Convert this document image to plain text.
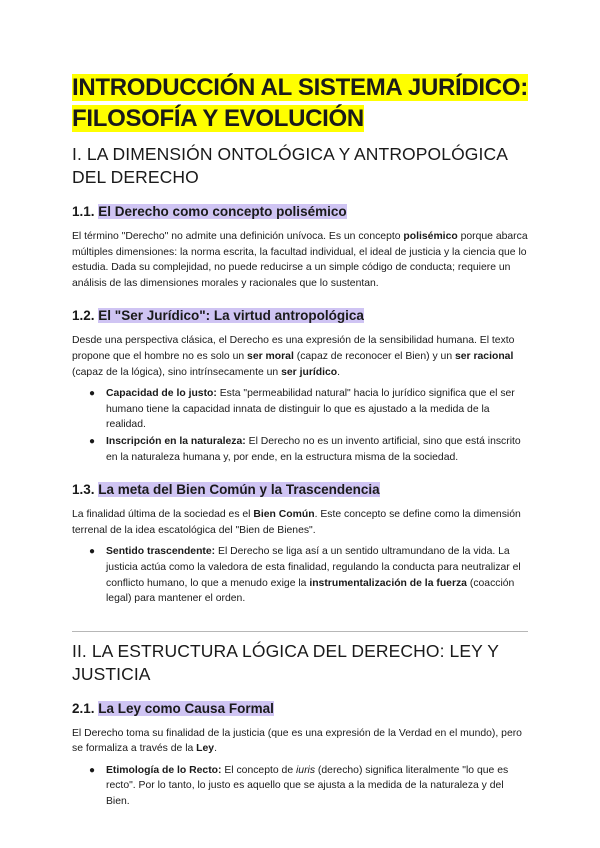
INTRODUCCIÓN AL SISTEMA JURÍDICO:
FILOSOFÍA Y EVOLUCIÓN
I. LA DIMENSIÓN ONTOLÓGICA Y ANTROPOLÓGICA DEL DERECHO
1.1. El Derecho como concepto polisémico

El término "Derecho" no admite una definición unívoca. Es un concepto polisémico porque abarca múltiples dimensiones: la norma escrita, la facultad individual, el ideal de justicia y la ciencia que lo estudia. Dada su complejidad, no puede reducirse a un simple código de conducta; requiere un análisis de las dimensiones morales y racionales que lo sustentan.

1.2. El "Ser Jurídico": La virtud antropológica

Desde una perspectiva clásica, el Derecho es una expresión de la sensibilidad humana. El texto propone que el hombre no es solo un ser moral (capaz de reconocer el Bien) y un ser racional (capaz de la lógica), sino intrínsecamente un ser jurídico.

● Capacidad de lo justo: Esta "permeabilidad natural" hacia lo jurídico significa que el ser humano tiene la capacidad innata de distinguir lo que es ajustado a la medida de la realidad.
● Inscripción en la naturaleza: El Derecho no es un invento artificial, sino que está inscrito en la naturaleza humana y, por ende, en la estructura misma de la sociedad.
1.3. La meta del Bien Común y la Trascendencia

La finalidad última de la sociedad es el Bien Común. Este concepto se define como la dimensión terrenal de la idea escatológica del "Bien de Bienes".

● Sentido trascendente: El Derecho se liga así a un sentido ultramundano de la vida. La justicia actúa como la valedora de esta finalidad, regulando la conducta para neutralizar el conflicto humano, lo que a menudo exige la instrumentalización de la fuerza (coacción legal) para mantener el orden.
II. LA ESTRUCTURA LÓGICA DEL DERECHO: LEY Y JUSTICIA
2.1. La Ley como Causa Formal

El Derecho toma su finalidad de la justicia (que es una expresión de la Verdad en el mundo), pero se formaliza a través de la Ley.

● Etimología de lo Recto: El concepto de iuris (derecho) significa literalmente "lo que es recto". Por lo tanto, lo justo es aquello que se ajusta a la medida de la naturaleza y del Bien.
